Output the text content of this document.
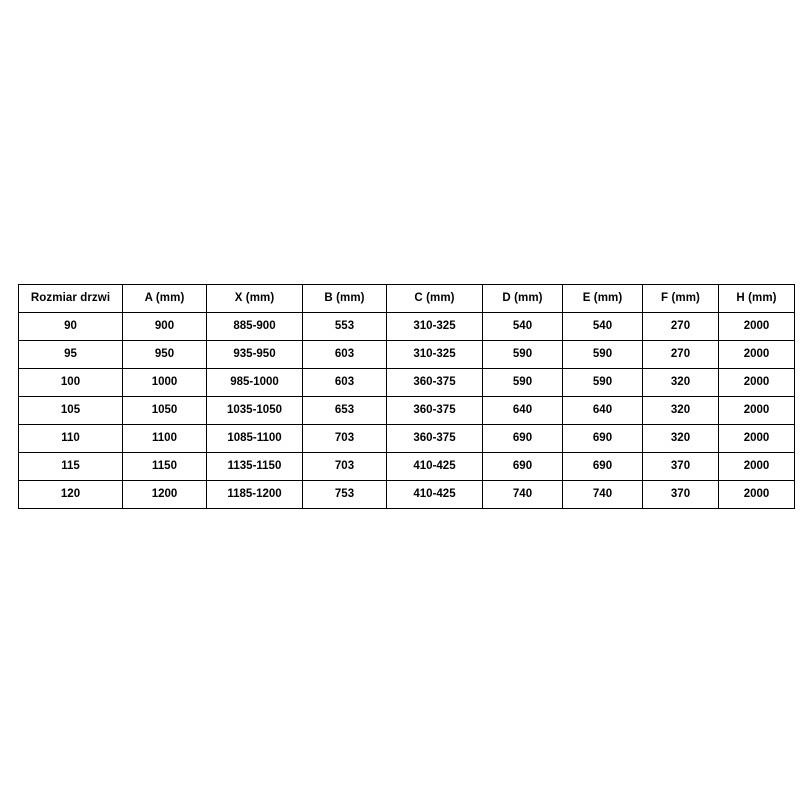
Rozmiar drzwi	A (mm)	X (mm)	B (mm)	C (mm)	D (mm)	E (mm)	F (mm)	H (mm)
90	900	885-900	553	310-325	540	540	270	2000
95	950	935-950	603	310-325	590	590	270	2000
100	1000	985-1000	603	360-375	590	590	320	2000
105	1050	1035-1050	653	360-375	640	640	320	2000
110	1100	1085-1100	703	360-375	690	690	320	2000
115	1150	1135-1150	703	410-425	690	690	370	2000
120	1200	1185-1200	753	410-425	740	740	370	2000
